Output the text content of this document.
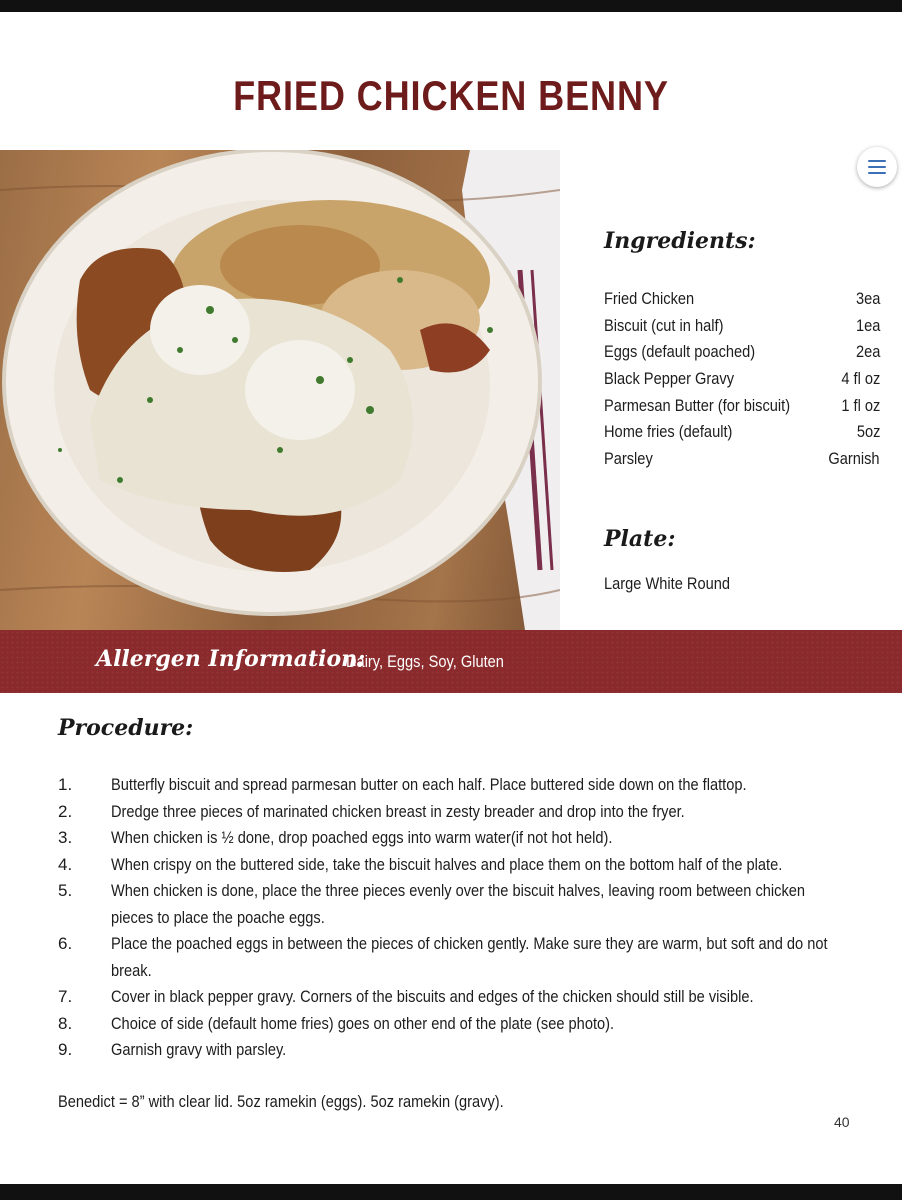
FRIED CHICKEN BENNY
Ingredients:
Fried Chicken	3ea
Biscuit (cut in half)	1ea
Eggs (default poached)	2ea
Black Pepper Gravy	4 fl oz
Parmesan Butter (for biscuit)	1 fl oz
Home fries (default)	5oz
Parsley	Garnish
Plate:
Large White Round
Allergen Information:
Dairy, Eggs, Soy, Gluten
Procedure:
1.	Butterfly biscuit and spread parmesan butter on each half. Place buttered side down on the flattop.
2.	Dredge three pieces of marinated chicken breast in zesty breader and drop into the fryer.
3.	When chicken is ½ done, drop poached eggs into warm water(if not hot held).
4.	When crispy on the buttered side, take the biscuit halves and place them on the bottom half of the plate.
5.	When chicken is done, place the three pieces evenly over the biscuit halves, leaving room between chicken pieces to place the poache eggs.
6.	Place the poached eggs in between the pieces of chicken gently. Make sure they are warm, but soft and do not break.
7.	Cover in black pepper gravy. Corners of the biscuits and edges of the chicken should still be visible.
8.	Choice of side (default home fries) goes on other end of the plate (see photo).
9.	Garnish gravy with parsley.
Benedict = 8” with clear lid. 5oz ramekin (eggs). 5oz ramekin (gravy).
40
